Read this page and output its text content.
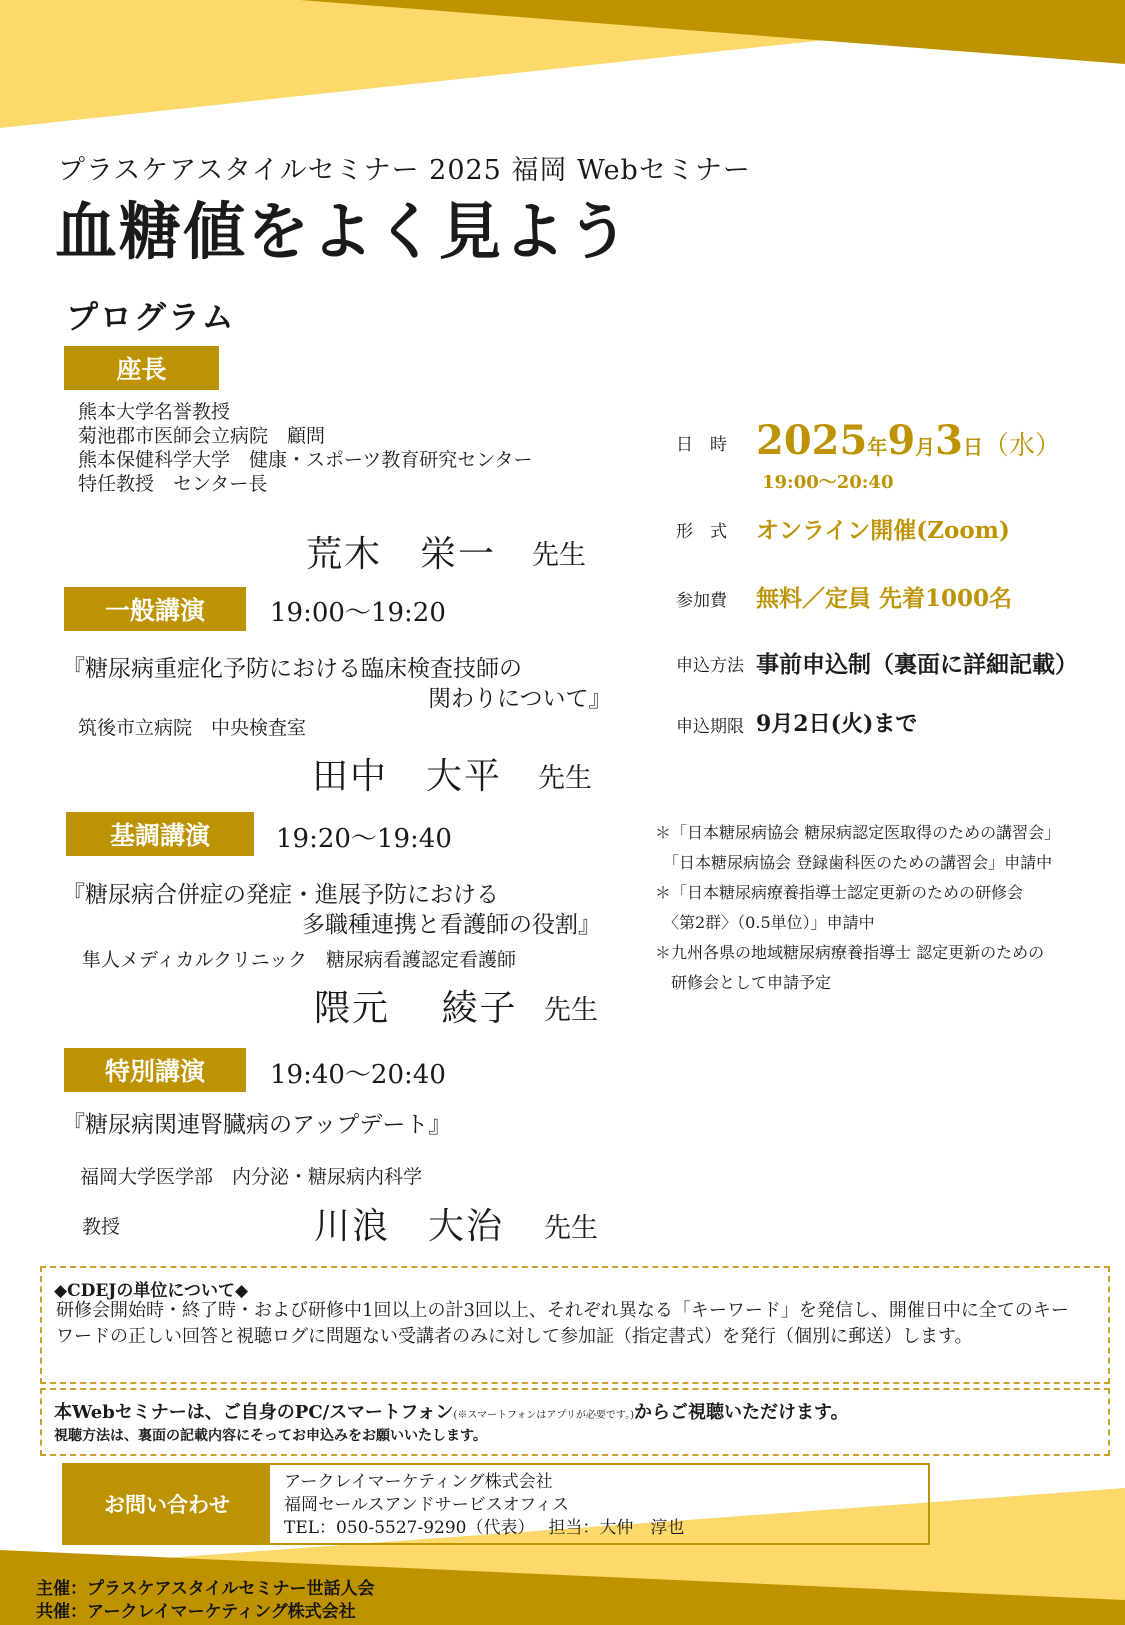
プラスケアスタイルセミナー 2025 福岡 Webセミナー
血糖値をよく見よう
プログラム
座長
熊本大学名誉教授
菊池郡市医師会立病院　顧問
熊本保健科学大学　健康・スポーツ教育研究センター
特任教授　センター長
荒木　栄一 先生
一般講演	19:00〜19:20
『糖尿病重症化予防における臨床検査技師の
関わりについて』
筑後市立病院　中央検査室
田中　大平 先生
基調講演	19:20〜19:40
『糖尿病合併症の発症・進展予防における
多職種連携と看護師の役割』
隼人メディカルクリニック　糖尿病看護認定看護師
隈元　 綾子 先生
特別講演	19:40〜20:40
『糖尿病関連腎臓病のアップデート』
福岡大学医学部　内分泌・糖尿病内科学
教授	川浪　大治 先生
日　時 2025年9月3日（水）
19:00〜20:40
形　式 オンライン開催(Zoom)
参加費 無料／定員 先着1000名
申込方法 事前申込制（裏面に詳細記載）
申込期限 9月2日(火)まで
＊「日本糖尿病協会 糖尿病認定医取得のための講習会」
　「日本糖尿病協会 登録歯科医のための講習会」申請中
＊「日本糖尿病療養指導士認定更新のための研修会
　〈第2群〉（0.5単位）」申請中
＊九州各県の地域糖尿病療養指導士 認定更新のための
　研修会として申請予定
◆CDEJの単位について◆
研修会開始時・終了時・および研修中1回以上の計3回以上、それぞれ異なる「キーワード」を発信し、開催日中に全てのキーワードの正しい回答と視聴ログに問題ない受講者のみに対して参加証（指定書式）を発行（個別に郵送）します。
本Webセミナーは、ご自身のPC/スマートフォン(※スマートフォンはアプリが必要です。)からご視聴いただけます。
視聴方法は、裏面の記載内容にそってお申込みをお願いいたします。
お問い合わせ
アークレイマーケティング株式会社
福岡セールスアンドサービスオフィス
TEL：050-5527-9290（代表）　 担当：大仲　淳也
主催：プラスケアスタイルセミナー世話人会
共催：アークレイマーケティング株式会社
